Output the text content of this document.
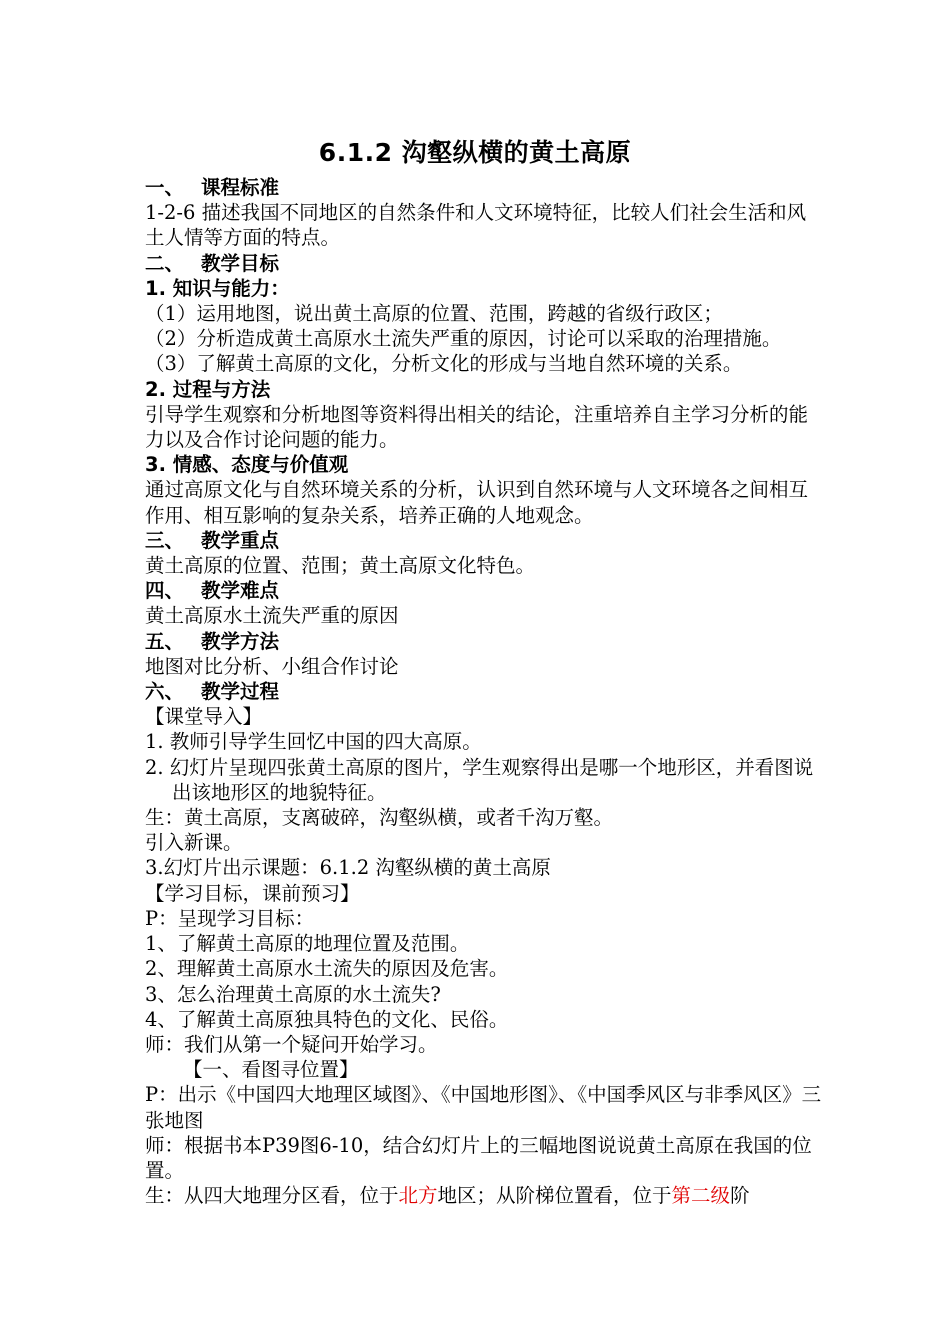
6.1.2 沟壑纵横的黄土高原

一、 课程标准

1-2-6 描述我国不同地区的自然条件和人文环境特征，比较人们社会生活和风土人情等方面的特点。

二、 教学目标

1. 知识与能力：

（1）运用地图，说出黄土高原的位置、范围，跨越的省级行政区；

（2）分析造成黄土高原水土流失严重的原因，讨论可以采取的治理措施。

（3）了解黄土高原的文化，分析文化的形成与当地自然环境的关系。

2. 过程与方法

引导学生观察和分析地图等资料得出相关的结论，注重培养自主学习分析的能力以及合作讨论问题的能力。

3. 情感、态度与价值观

通过高原文化与自然环境关系的分析，认识到自然环境与人文环境各之间相互作用、相互影响的复杂关系，培养正确的人地观念。

三、 教学重点

黄土高原的位置、范围；黄土高原文化特色。

四、 教学难点

黄土高原水土流失严重的原因

五、 教学方法

地图对比分析、小组合作讨论

六、 教学过程

【课堂导入】

1. 教师引导学生回忆中国的四大高原。

2. 幻灯片呈现四张黄土高原的图片，学生观察得出是哪一个地形区，并看图说出该地形区的地貌特征。

生：黄土高原，支离破碎，沟壑纵横，或者千沟万壑。

引入新课。

3.幻灯片出示课题：6.1.2 沟壑纵横的黄土高原

【学习目标，课前预习】

P：呈现学习目标：

1、了解黄土高原的地理位置及范围。

2、理解黄土高原水土流失的原因及危害。

3、怎么治理黄土高原的水土流失?

4、了解黄土高原独具特色的文化、民俗。

师：我们从第一个疑问开始学习。

【一、看图寻位置】

P：出示《中国四大地理区域图》、《中国地形图》、《中国季风区与非季风区》三张地图

师：根据书本P39图6-10，结合幻灯片上的三幅地图说说黄土高原在我国的位置。

生：从四大地理分区看，位于北方地区；从阶梯位置看，位于第二级阶
